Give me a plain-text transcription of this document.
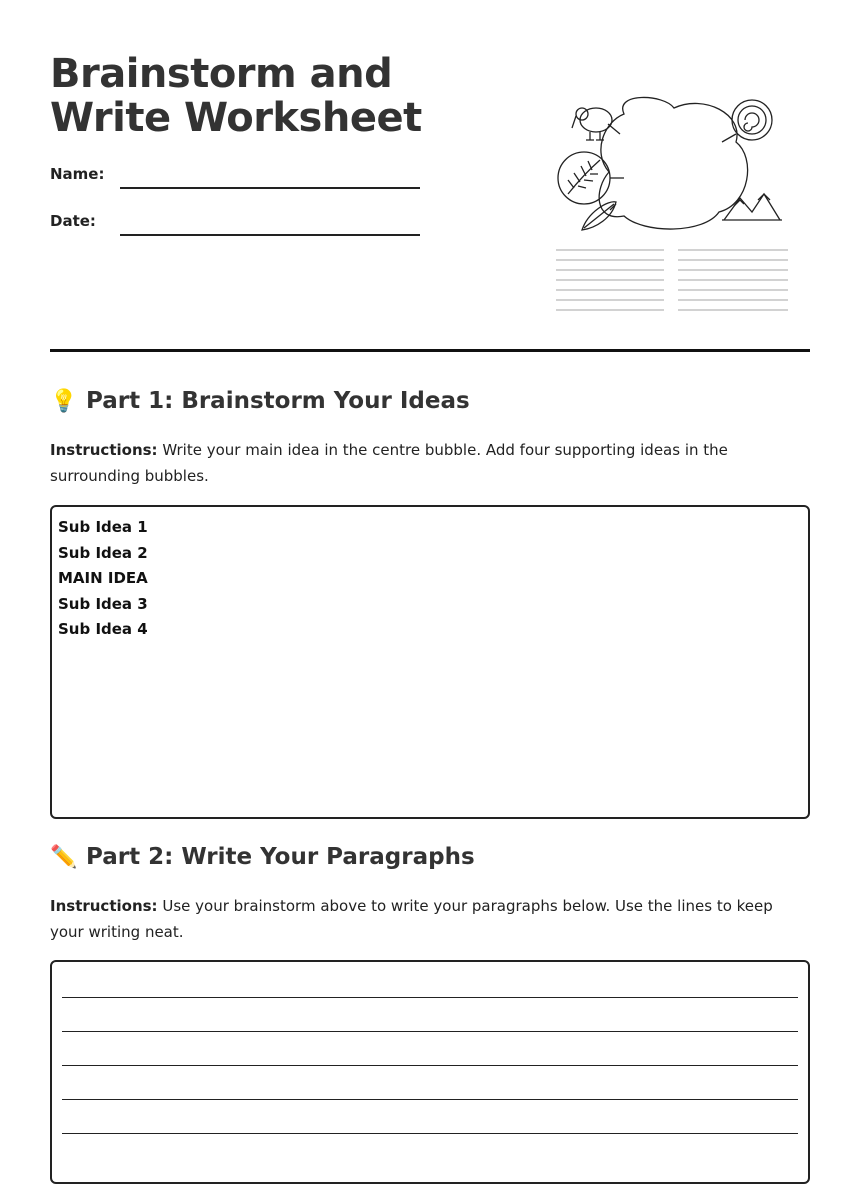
Brainstorm and Write Worksheet
Name:
Date:
💡 Part 1: Brainstorm Your Ideas
Instructions: Write your main idea in the centre bubble. Add four supporting ideas in the surrounding bubbles.
Sub Idea 1
Sub Idea 2
MAIN IDEA
Sub Idea 3
Sub Idea 4
✏️ Part 2: Write Your Paragraphs
Instructions: Use your brainstorm above to write your paragraphs below. Use the lines to keep your writing neat.
